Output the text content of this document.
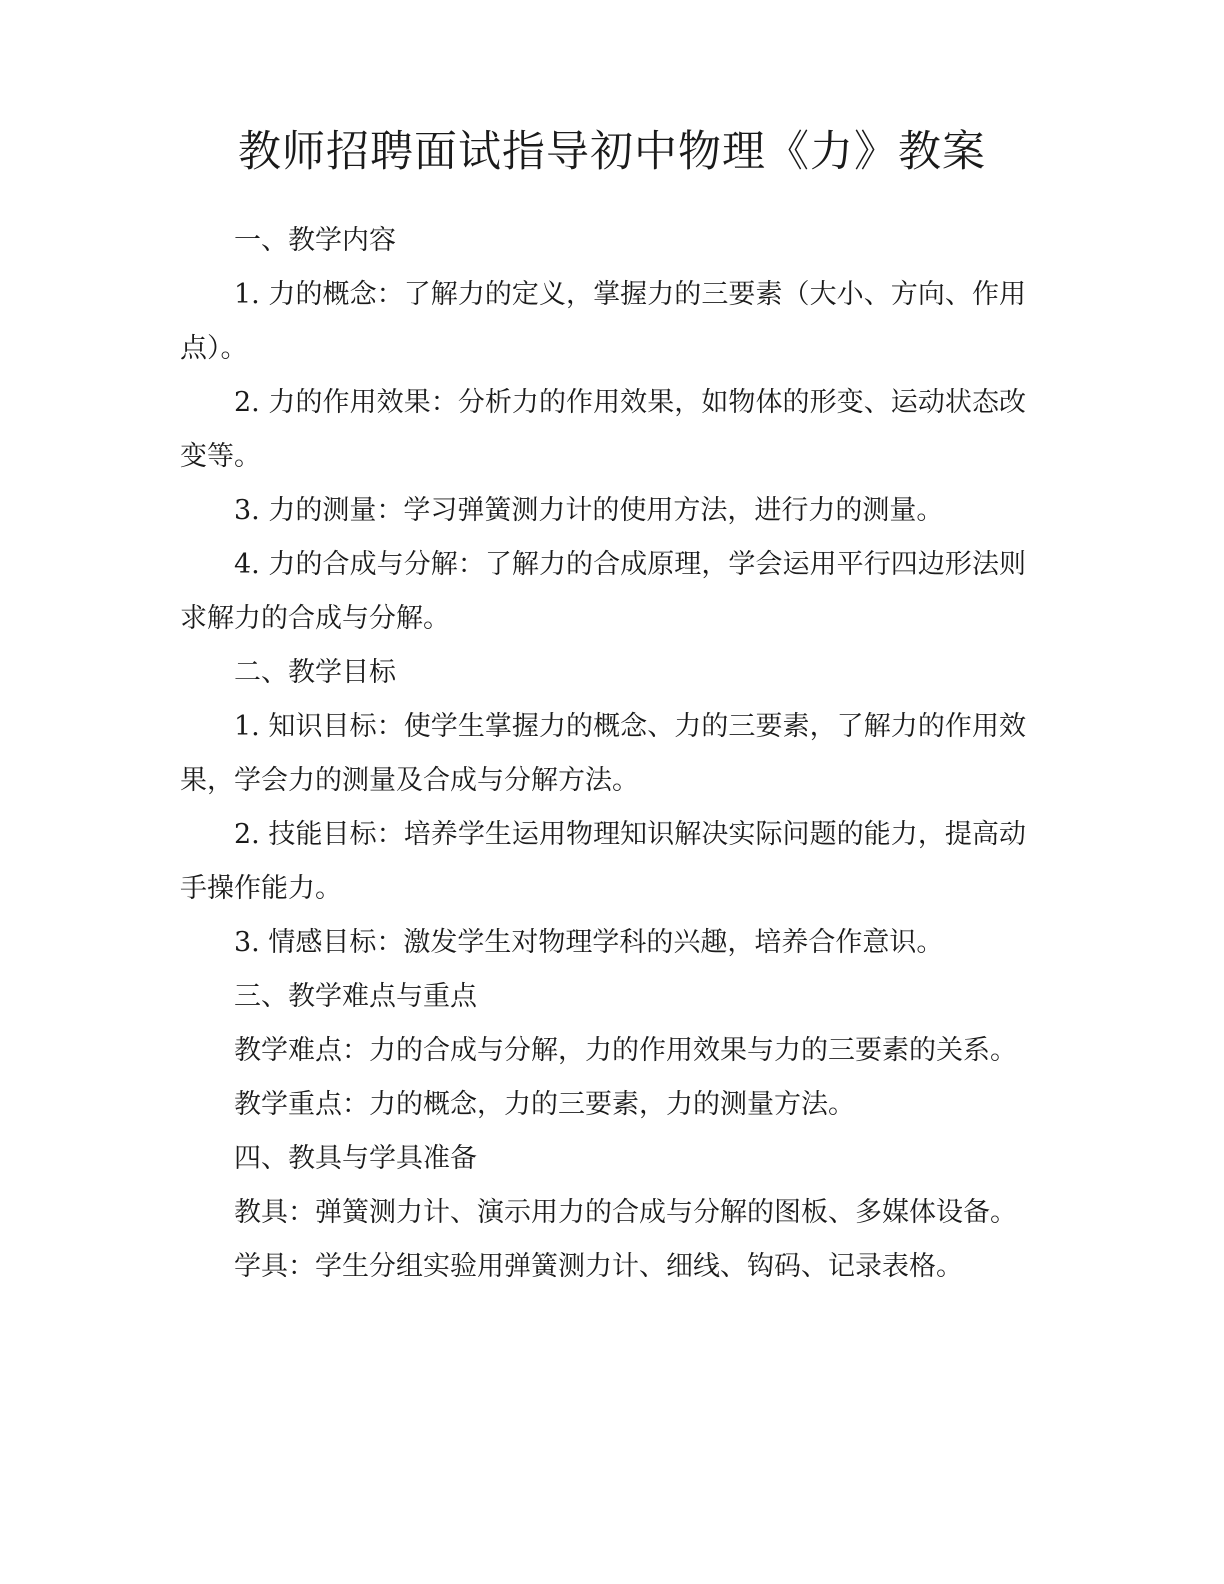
教师招聘面试指导初中物理《力》教案

一、教学内容

1. 力的概念：了解力的定义，掌握力的三要素（大小、方向、作用点）。

2. 力的作用效果：分析力的作用效果，如物体的形变、运动状态改变等。

3. 力的测量：学习弹簧测力计的使用方法，进行力的测量。

4. 力的合成与分解：了解力的合成原理，学会运用平行四边形法则求解力的合成与分解。

二、教学目标

1. 知识目标：使学生掌握力的概念、力的三要素，了解力的作用效果，学会力的测量及合成与分解方法。

2. 技能目标：培养学生运用物理知识解决实际问题的能力，提高动手操作能力。

3. 情感目标：激发学生对物理学科的兴趣，培养合作意识。

三、教学难点与重点

教学难点：力的合成与分解，力的作用效果与力的三要素的关系。

教学重点：力的概念，力的三要素，力的测量方法。

四、教具与学具准备

教具：弹簧测力计、演示用力的合成与分解的图板、多媒体设备。

学具：学生分组实验用弹簧测力计、细线、钩码、记录表格。
